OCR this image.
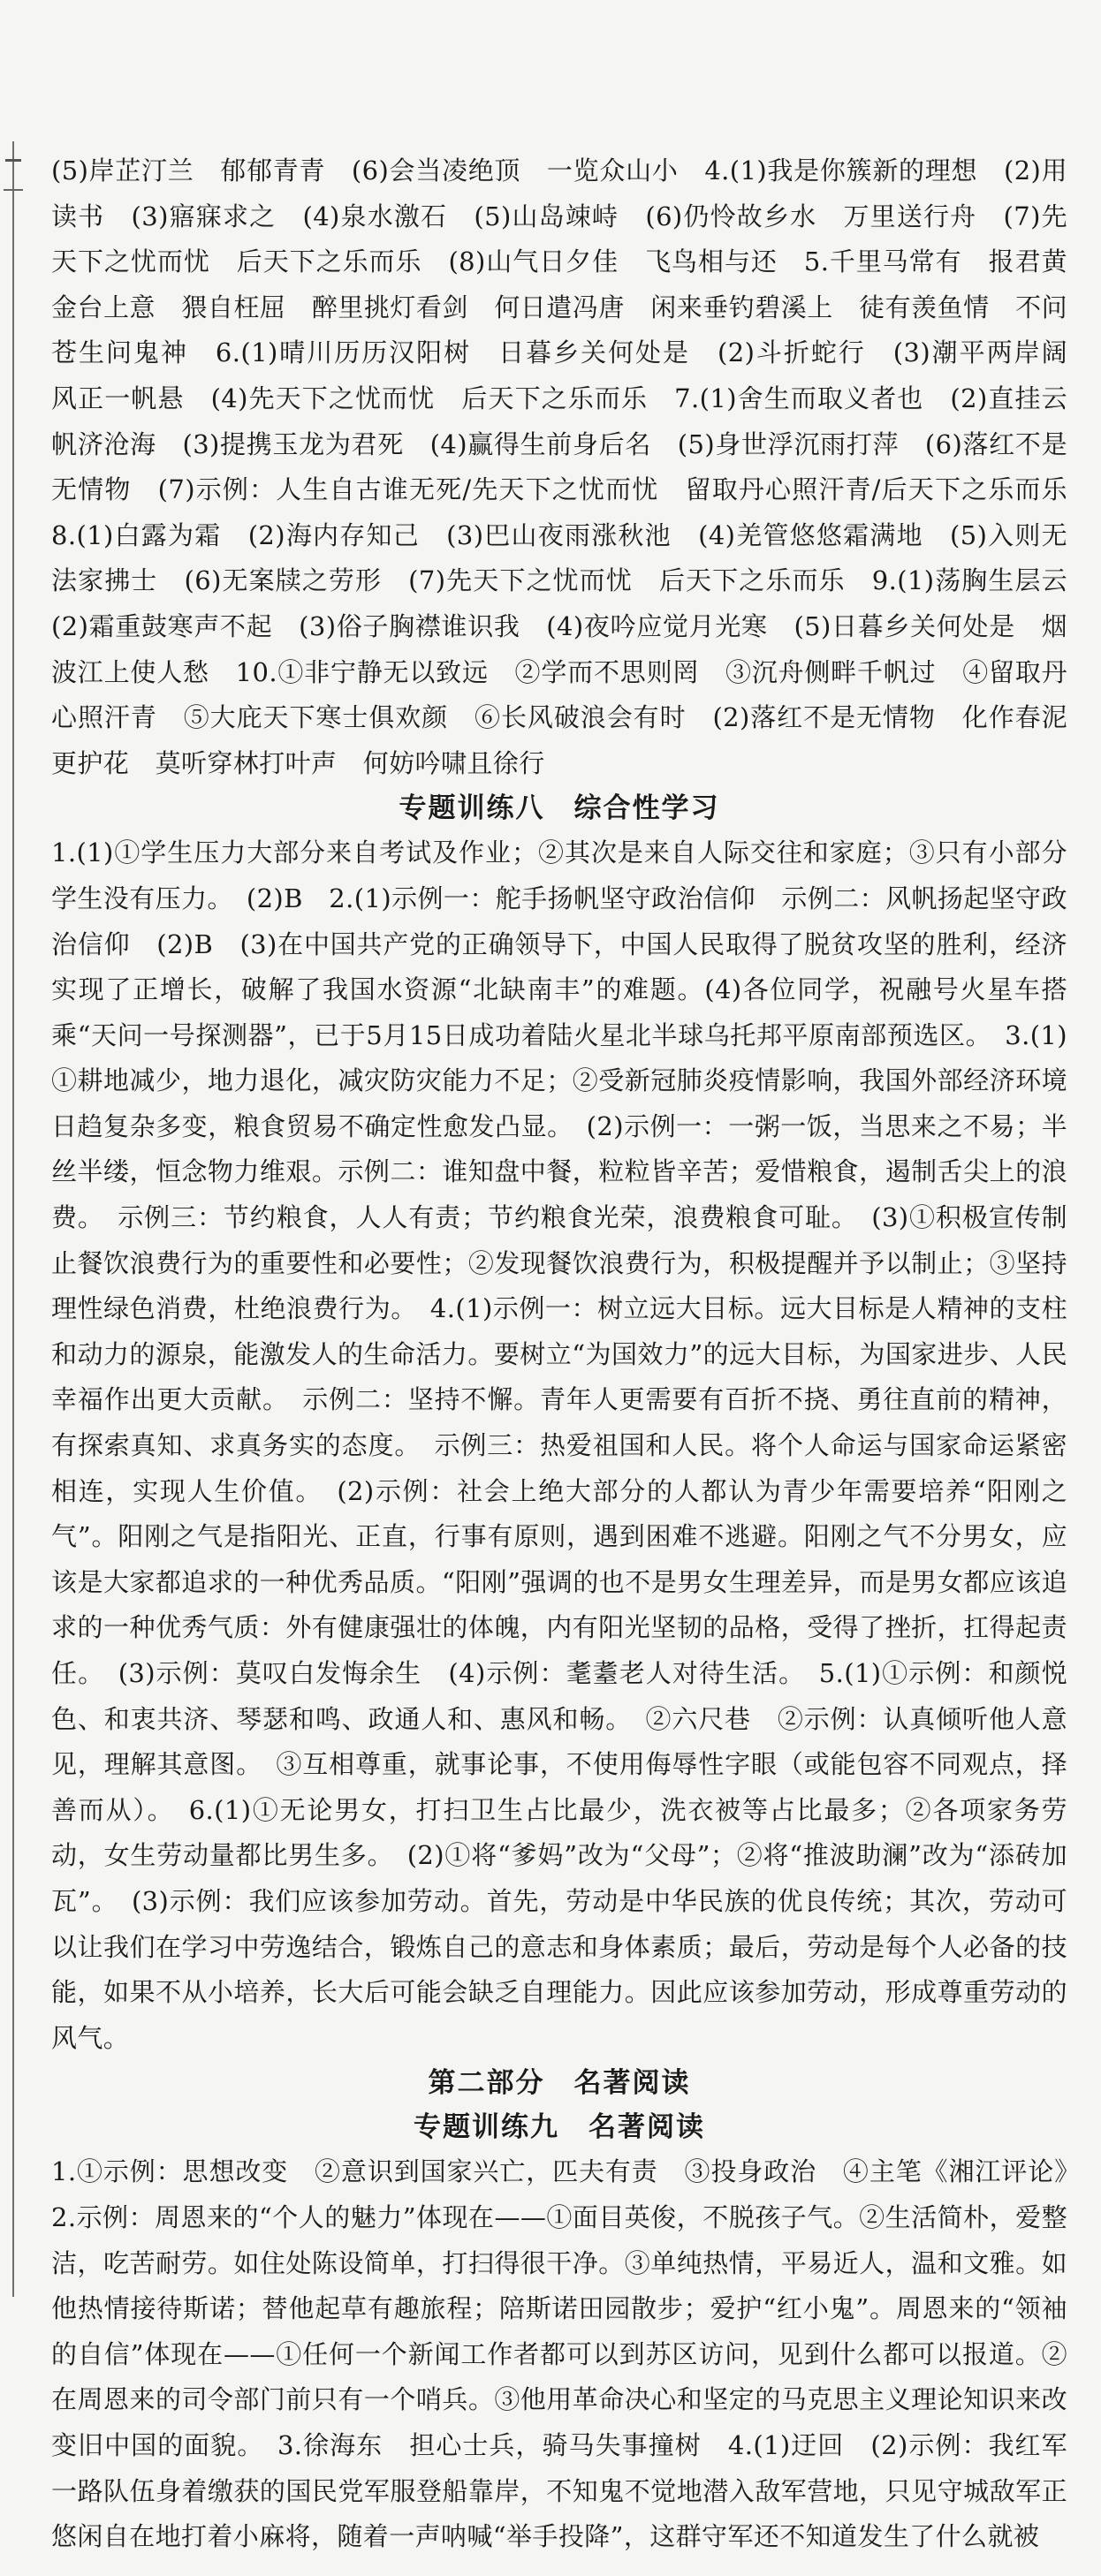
(5)岸芷汀兰　郁郁青青　(6)会当凌绝顶　一览众山小　4.(1)我是你簇新的理想　(2)用读书　(3)寤寐求之　(4)泉水激石　(5)山岛竦峙　(6)仍怜故乡水　万里送行舟　(7)先天下之忧而忧　后天下之乐而乐　(8)山气日夕佳　飞鸟相与还　5.千里马常有　报君黄金台上意　猥自枉屈　醉里挑灯看剑　何日遣冯唐　闲来垂钓碧溪上　徒有羡鱼情　不问苍生问鬼神　6.(1)晴川历历汉阳树　日暮乡关何处是　(2)斗折蛇行　(3)潮平两岸阔　风正一帆悬　(4)先天下之忧而忧　后天下之乐而乐　7.(1)舍生而取义者也　(2)直挂云帆济沧海　(3)提携玉龙为君死　(4)赢得生前身后名　(5)身世浮沉雨打萍　(6)落红不是无情物　(7)示例：人生自古谁无死/先天下之忧而忧　留取丹心照汗青/后天下之乐而乐　8.(1)白露为霜　(2)海内存知己　(3)巴山夜雨涨秋池　(4)羌管悠悠霜满地　(5)入则无法家拂士　(6)无案牍之劳形　(7)先天下之忧而忧　后天下之乐而乐　9.(1)荡胸生层云　(2)霜重鼓寒声不起　(3)俗子胸襟谁识我　(4)夜吟应觉月光寒　(5)日暮乡关何处是　烟波江上使人愁　10.①非宁静无以致远　②学而不思则罔　③沉舟侧畔千帆过　④留取丹心照汗青　⑤大庇天下寒士俱欢颜　⑥长风破浪会有时　(2)落红不是无情物　化作春泥更护花　莫听穿林打叶声　何妨吟啸且徐行

专题训练八　综合性学习

1.(1)①学生压力大部分来自考试及作业；②其次是来自人际交往和家庭；③只有小部分学生没有压力。　(2)B　2.(1)示例一：舵手扬帆坚守政治信仰　示例二：风帆扬起坚守政治信仰　(2)B　(3)在中国共产党的正确领导下，中国人民取得了脱贫攻坚的胜利，经济实现了正增长，破解了我国水资源“北缺南丰”的难题。(4)各位同学，祝融号火星车搭乘“天问一号探测器”，已于5月15日成功着陆火星北半球乌托邦平原南部预选区。　3.(1)①耕地减少，地力退化，减灾防灾能力不足；②受新冠肺炎疫情影响，我国外部经济环境日趋复杂多变，粮食贸易不确定性愈发凸显。　(2)示例一：一粥一饭，当思来之不易；半丝半缕，恒念物力维艰。示例二：谁知盘中餐，粒粒皆辛苦；爱惜粮食，遏制舌尖上的浪费。　示例三：节约粮食，人人有责；节约粮食光荣，浪费粮食可耻。　(3)①积极宣传制止餐饮浪费行为的重要性和必要性；②发现餐饮浪费行为，积极提醒并予以制止；③坚持理性绿色消费，杜绝浪费行为。　4.(1)示例一：树立远大目标。远大目标是人精神的支柱和动力的源泉，能激发人的生命活力。要树立“为国效力”的远大目标，为国家进步、人民幸福作出更大贡献。　示例二：坚持不懈。青年人更需要有百折不挠、勇往直前的精神，有探索真知、求真务实的态度。　示例三：热爱祖国和人民。将个人命运与国家命运紧密相连，实现人生价值。　(2)示例：社会上绝大部分的人都认为青少年需要培养“阳刚之气”。阳刚之气是指阳光、正直，行事有原则，遇到困难不逃避。阳刚之气不分男女，应该是大家都追求的一种优秀品质。“阳刚”强调的也不是男女生理差异，而是男女都应该追求的一种优秀气质：外有健康强壮的体魄，内有阳光坚韧的品格，受得了挫折，扛得起责任。　(3)示例：莫叹白发悔余生　(4)示例：耄耋老人对待生活。　5.(1)①示例：和颜悦色、和衷共济、琴瑟和鸣、政通人和、惠风和畅。　②六尺巷　②示例：认真倾听他人意见，理解其意图。　③互相尊重，就事论事，不使用侮辱性字眼（或能包容不同观点，择善而从）。　6.(1)①无论男女，打扫卫生占比最少，洗衣被等占比最多；②各项家务劳动，女生劳动量都比男生多。　(2)①将“爹妈”改为“父母”；②将“推波助澜”改为“添砖加瓦”。　(3)示例：我们应该参加劳动。首先，劳动是中华民族的优良传统；其次，劳动可以让我们在学习中劳逸结合，锻炼自己的意志和身体素质；最后，劳动是每个人必备的技能，如果不从小培养，长大后可能会缺乏自理能力。因此应该参加劳动，形成尊重劳动的风气。

第二部分　名著阅读
专题训练九　名著阅读

1.①示例：思想改变　②意识到国家兴亡，匹夫有责　③投身政治　④主笔《湘江评论》　2.示例：周恩来的“个人的魅力”体现在——①面目英俊，不脱孩子气。②生活简朴，爱整洁，吃苦耐劳。如住处陈设简单，打扫得很干净。③单纯热情，平易近人，温和文雅。如他热情接待斯诺；替他起草有趣旅程；陪斯诺田园散步；爱护“红小鬼”。周恩来的“领袖的自信”体现在——①任何一个新闻工作者都可以到苏区访问，见到什么都可以报道。②在周恩来的司令部门前只有一个哨兵。③他用革命决心和坚定的马克思主义理论知识来改变旧中国的面貌。　3.徐海东　担心士兵，骑马失事撞树　4.(1)迂回　(2)示例：我红军一路队伍身着缴获的国民党军服登船靠岸，不知鬼不觉地潜入敌军营地，只见守城敌军正悠闲自在地打着小麻将，随着一声呐喊“举手投降”，这群守军还不知道发生了什么就被
